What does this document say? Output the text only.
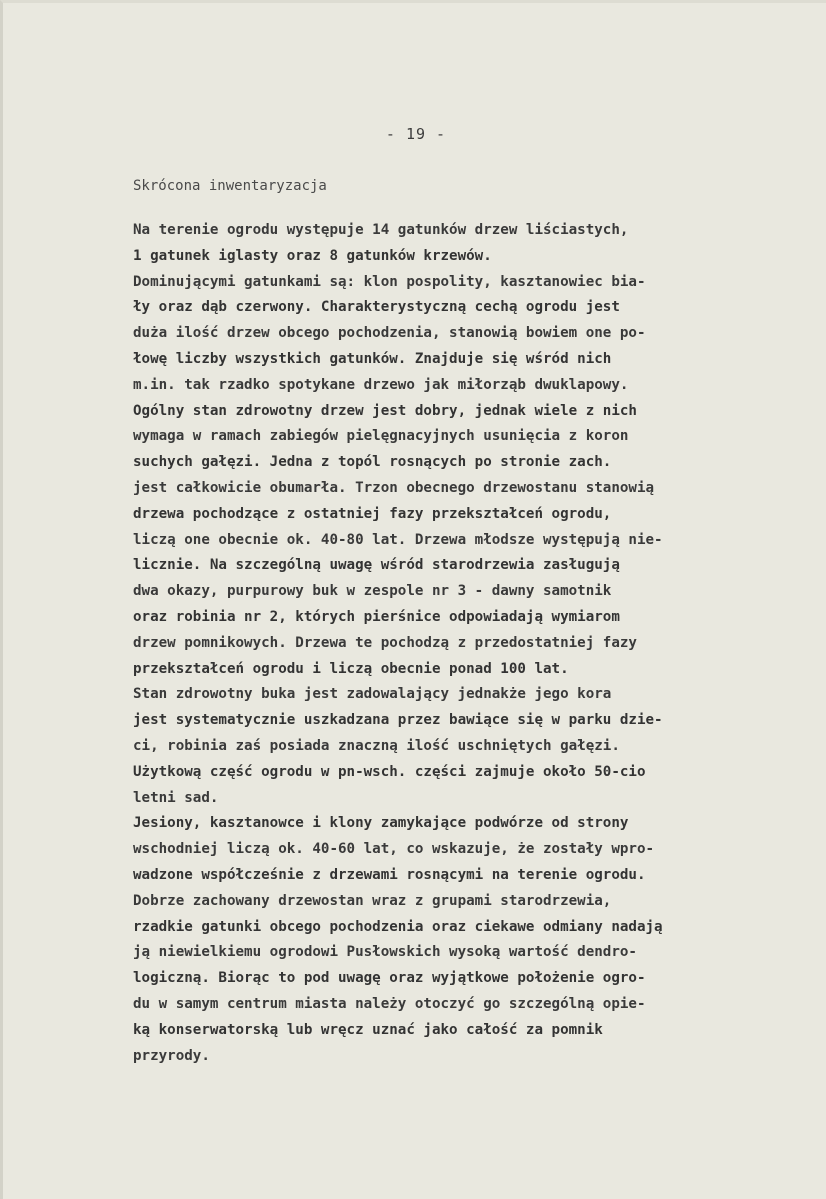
- 19 -
Skrócona inwentaryzacja
Na terenie ogrodu występuje 14 gatunków drzew liściastych,
1 gatunek iglasty oraz 8 gatunków krzewów.
Dominującymi gatunkami są: klon pospolity, kasztanowiec bia-
ły oraz dąb czerwony. Charakterystyczną cechą ogrodu jest
duża ilość drzew obcego pochodzenia, stanowią bowiem one po-
łowę liczby wszystkich gatunków. Znajduje się wśród nich
m.in. tak rzadko spotykane drzewo jak miłorząb dwuklapowy.
Ogólny stan zdrowotny drzew jest dobry, jednak wiele z nich
wymaga w ramach zabiegów pielęgnacyjnych usunięcia z koron
suchych gałęzi. Jedna z topól rosnących po stronie zach.
jest całkowicie obumarła. Trzon obecnego drzewostanu stanowią
drzewa pochodzące z ostatniej fazy przekształceń ogrodu,
liczą one obecnie ok. 40-80 lat. Drzewa młodsze występują nie-
licznie. Na szczególną uwagę wśród starodrzewia zasługują
dwa okazy, purpurowy buk w zespole nr 3 - dawny samotnik
oraz robinia nr 2, których pierśnice odpowiadają wymiarom
drzew pomnikowych. Drzewa te pochodzą z przedostatniej fazy
przekształceń ogrodu i liczą obecnie ponad 100 lat.
Stan zdrowotny buka jest zadowalający jednakże jego kora
jest systematycznie uszkadzana przez bawiące się w parku dzie-
ci, robinia zaś posiada znaczną ilość uschniętych gałęzi.
Użytkową część ogrodu w pn-wsch. części zajmuje około 50-cio
letni sad.
Jesiony, kasztanowce i klony zamykające podwórze od strony
wschodniej liczą ok. 40-60 lat, co wskazuje, że zostały wpro-
wadzone współcześnie z drzewami rosnącymi na terenie ogrodu.
Dobrze zachowany drzewostan wraz z grupami starodrzewia,
rzadkie gatunki obcego pochodzenia oraz ciekawe odmiany nadają
ją niewielkiemu ogrodowi Pusłowskich wysoką wartość dendro-
logiczną. Biorąc to pod uwagę oraz wyjątkowe położenie ogro-
du w samym centrum miasta należy otoczyć go szczególną opie-
ką konserwatorską lub wręcz uznać jako całość za pomnik
przyrody.
